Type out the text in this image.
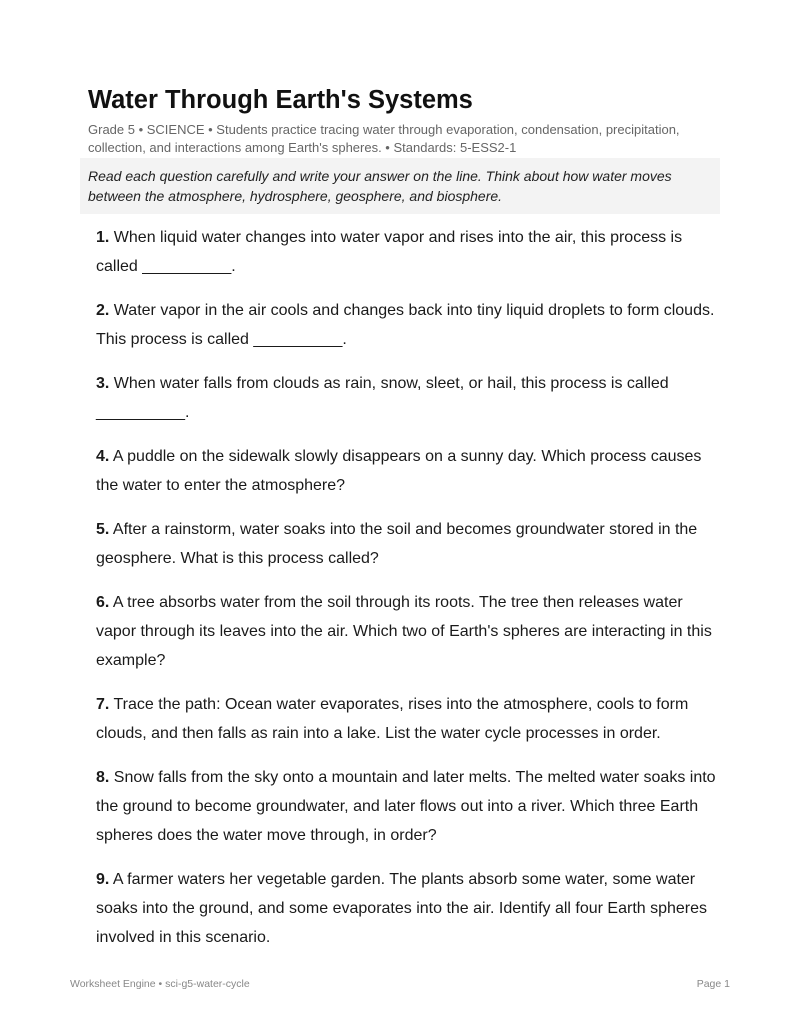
Water Through Earth's Systems
Grade 5 • SCIENCE • Students practice tracing water through evaporation, condensation, precipitation, collection, and interactions among Earth's spheres. • Standards: 5-ESS2-1
Read each question carefully and write your answer on the line. Think about how water moves between the atmosphere, hydrosphere, geosphere, and biosphere.
1. When liquid water changes into water vapor and rises into the air, this process is called __________.
2. Water vapor in the air cools and changes back into tiny liquid droplets to form clouds. This process is called __________.
3. When water falls from clouds as rain, snow, sleet, or hail, this process is called __________.
4. A puddle on the sidewalk slowly disappears on a sunny day. Which process causes the water to enter the atmosphere?
5. After a rainstorm, water soaks into the soil and becomes groundwater stored in the geosphere. What is this process called?
6. A tree absorbs water from the soil through its roots. The tree then releases water vapor through its leaves into the air. Which two of Earth's spheres are interacting in this example?
7. Trace the path: Ocean water evaporates, rises into the atmosphere, cools to form clouds, and then falls as rain into a lake. List the water cycle processes in order.
8. Snow falls from the sky onto a mountain and later melts. The melted water soaks into the ground to become groundwater, and later flows out into a river. Which three Earth spheres does the water move through, in order?
9. A farmer waters her vegetable garden. The plants absorb some water, some water soaks into the ground, and some evaporates into the air. Identify all four Earth spheres involved in this scenario.
Worksheet Engine • sci-g5-water-cycle	Page 1
